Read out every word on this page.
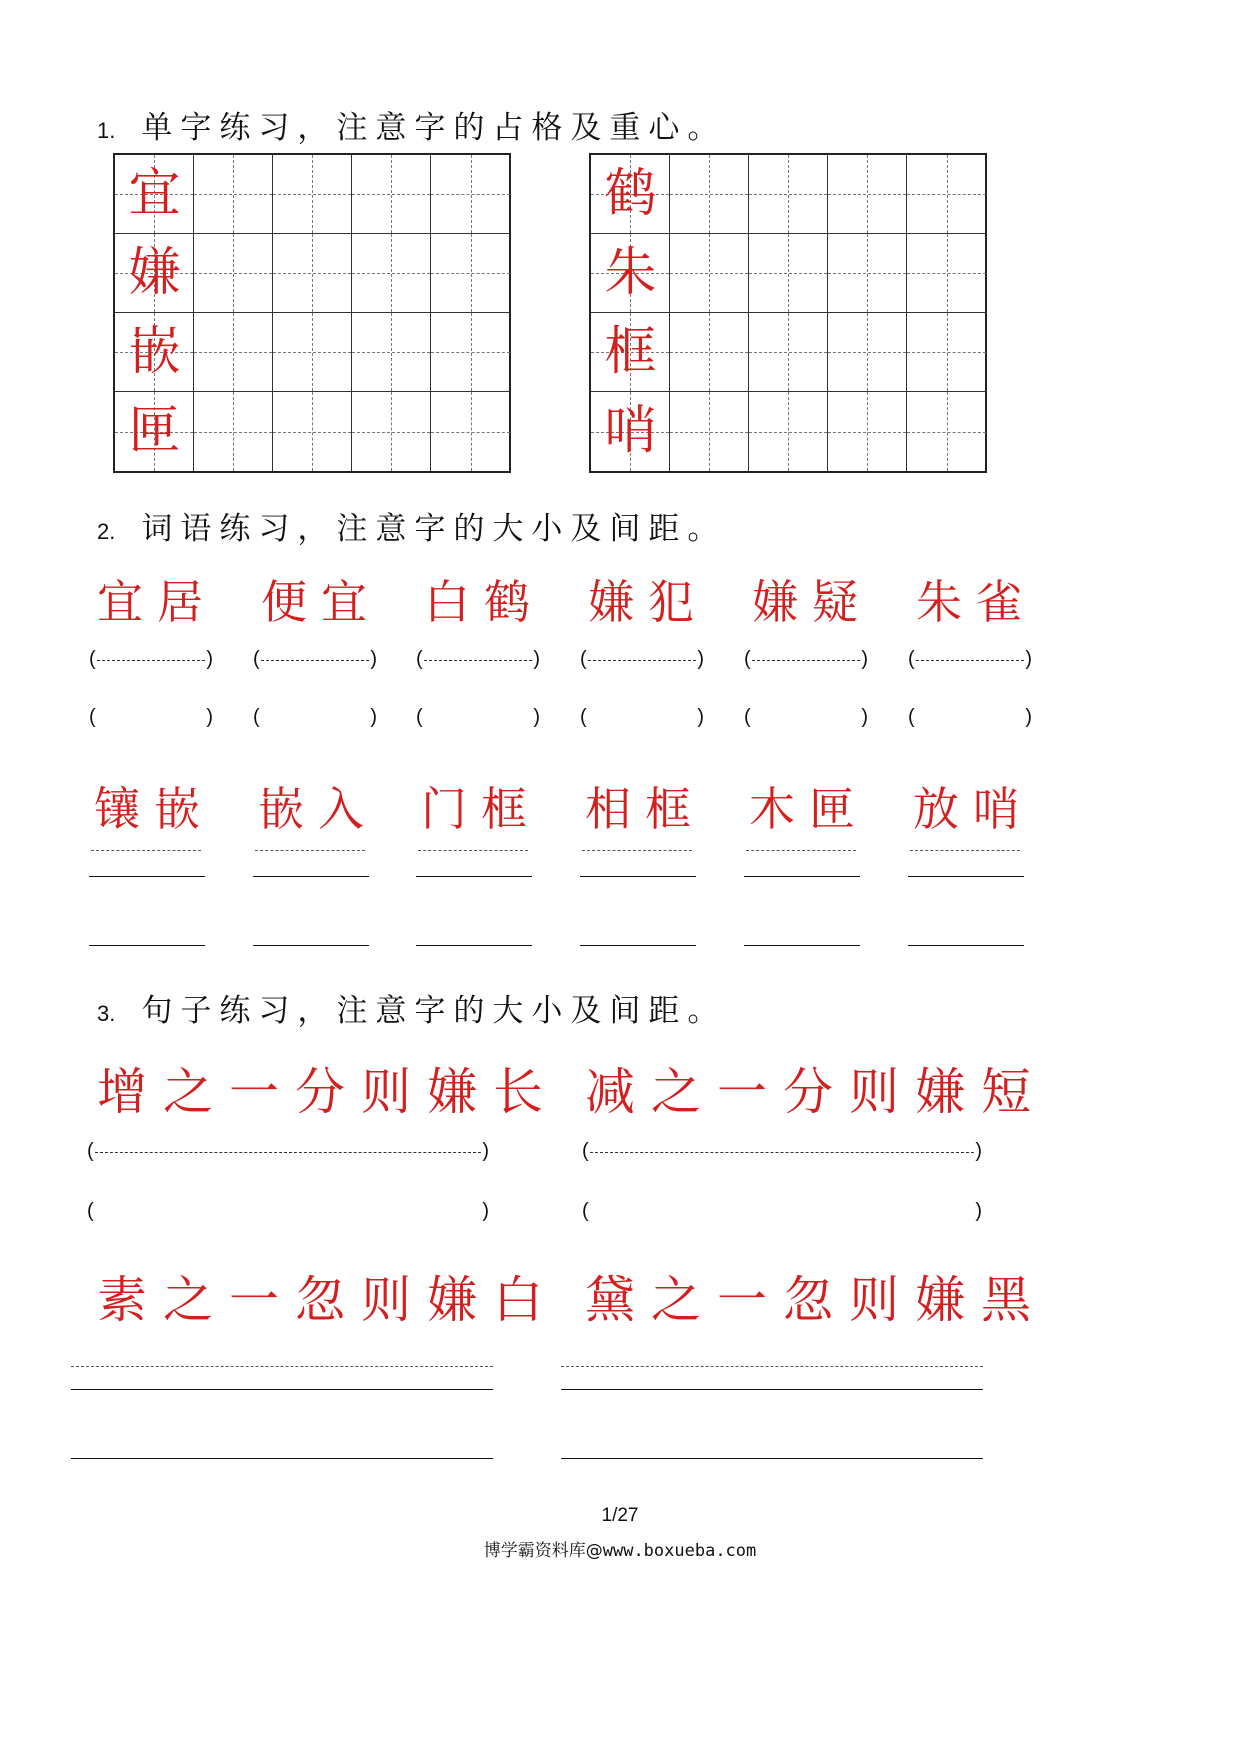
1. 单字练习，注意字的占格及重心。
宜
嫌
嵌
匣
鹤
朱
框
哨
2. 词语练习，注意字的大小及间距。
宜居
(	)
(	)
镶嵌
便宜
(	)
(	)
嵌入
白鹤
(	)
(	)
门框
嫌犯
(	)
(	)
相框
嫌疑
(	)
(	)
木匣
朱雀
(	)
(	)
放哨
3. 句子练习，注意字的大小及间距。
增之一分则嫌长 减之一分则嫌短
(	)	(	)
(	)	(	)
素之一忽则嫌白 黛之一忽则嫌黑
1/27
博学霸资料库@www.boxueba.com
